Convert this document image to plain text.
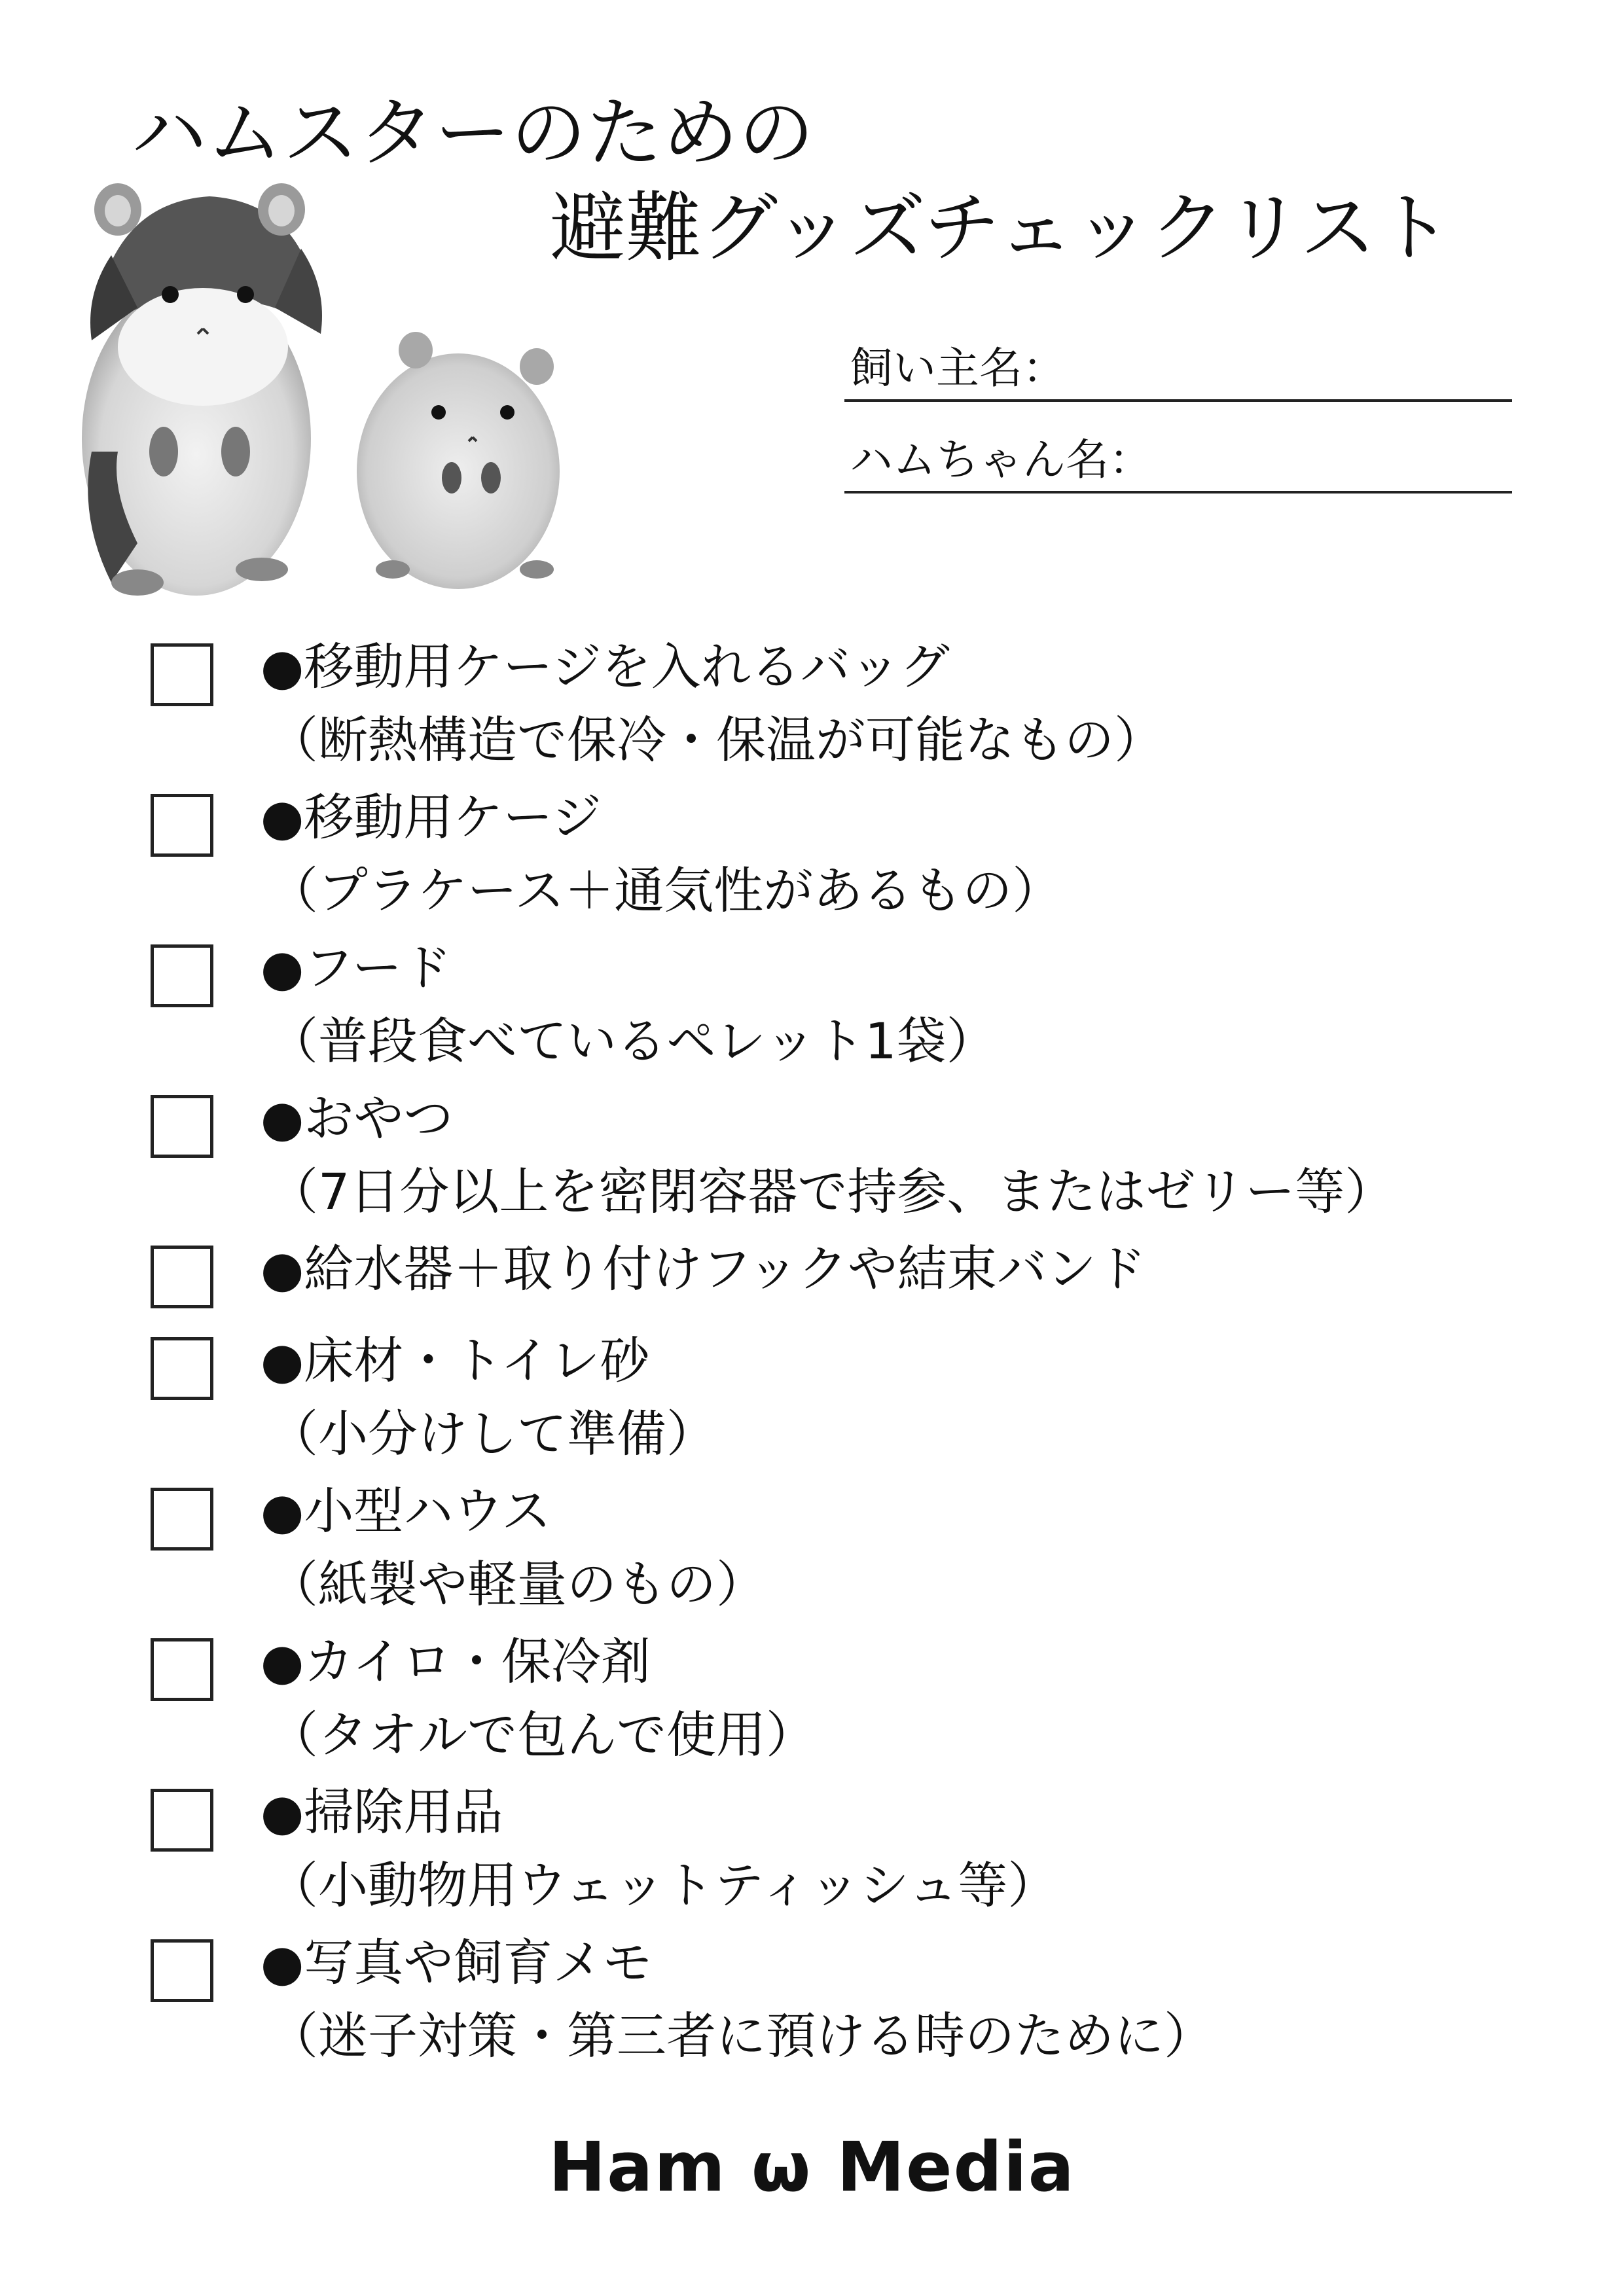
ハムスターのための
避難グッズチェックリスト
飼い主名：
ハムちゃん名：
●移動用ケージを入れるバッグ
（断熱構造で保冷・保温が可能なもの）
●移動用ケージ
（プラケース＋通気性があるもの）
●フード
（普段食べているペレット1袋）
●おやつ
（7日分以上を密閉容器で持参、またはゼリー等）
●給水器＋取り付けフックや結束バンド
●床材・トイレ砂
（小分けして準備）
●小型ハウス
（紙製や軽量のもの）
●カイロ・保冷剤
（タオルで包んで使用）
●掃除用品
（小動物用ウェットティッシュ等）
●写真や飼育メモ
（迷子対策・第三者に預ける時のために）
Ham ω Media
